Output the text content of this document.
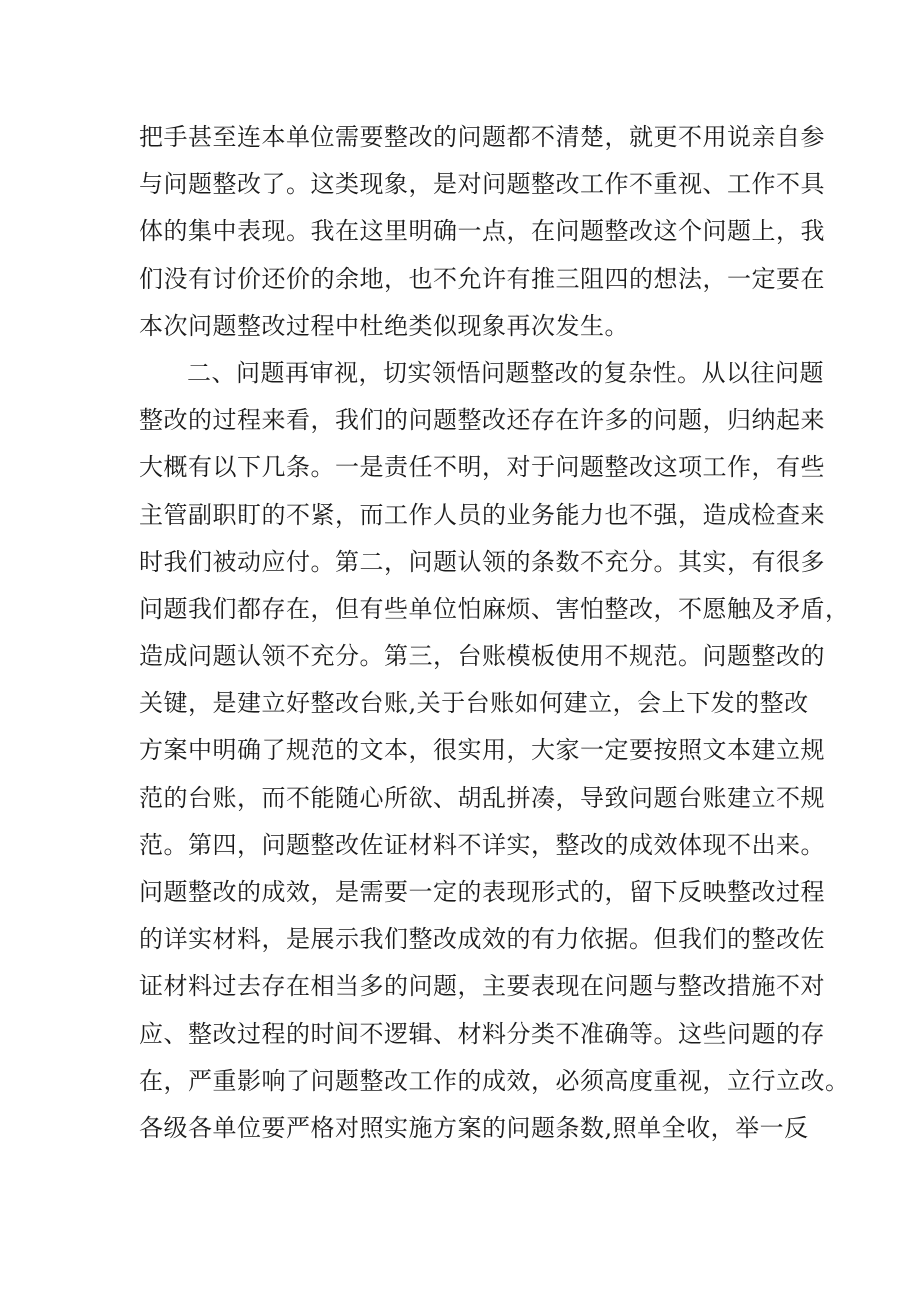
把手甚至连本单位需要整改的问题都不清楚，就更不用说亲自参
与问题整改了。这类现象，是对问题整改工作不重视、工作不具
体的集中表现。我在这里明确一点，在问题整改这个问题上，我
们没有讨价还价的余地，也不允许有推三阻四的想法，一定要在
本次问题整改过程中杜绝类似现象再次发生。
二、问题再审视，切实领悟问题整改的复杂性。从以往问题
整改的过程来看，我们的问题整改还存在许多的问题，归纳起来
大概有以下几条。一是责任不明，对于问题整改这项工作，有些
主管副职盯的不紧，而工作人员的业务能力也不强，造成检查来
时我们被动应付。第二，问题认领的条数不充分。其实，有很多
问题我们都存在，但有些单位怕麻烦、害怕整改，不愿触及矛盾，
造成问题认领不充分。第三，台账模板使用不规范。问题整改的
关键，是建立好整改台账,关于台账如何建立，会上下发的整改
方案中明确了规范的文本，很实用，大家一定要按照文本建立规
范的台账，而不能随心所欲、胡乱拼凑，导致问题台账建立不规
范。第四，问题整改佐证材料不详实，整改的成效体现不出来。
问题整改的成效，是需要一定的表现形式的，留下反映整改过程
的详实材料，是展示我们整改成效的有力依据。但我们的整改佐
证材料过去存在相当多的问题，主要表现在问题与整改措施不对
应、整改过程的时间不逻辑、材料分类不准确等。这些问题的存
在，严重影响了问题整改工作的成效，必须高度重视，立行立改。
各级各单位要严格对照实施方案的问题条数,照单全收，举一反
